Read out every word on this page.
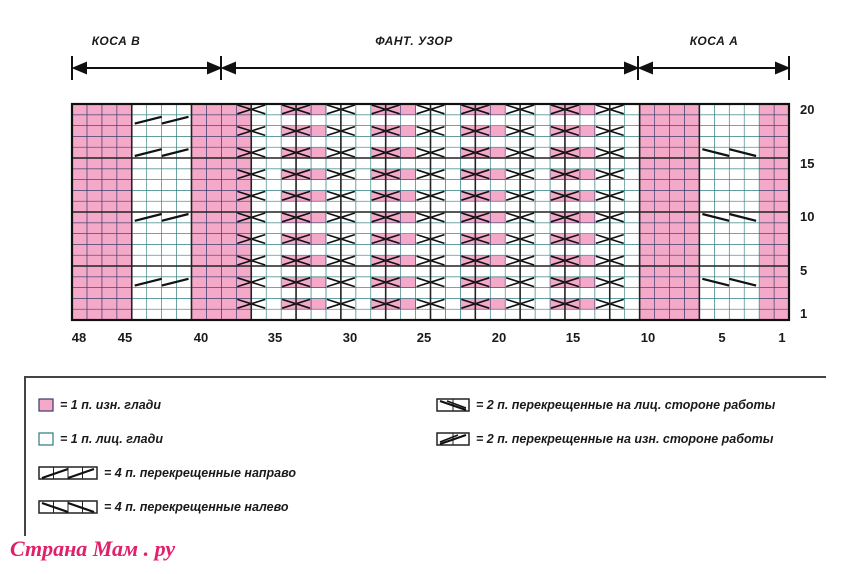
КОСА В	ФАНТ. УЗОР	КОСА А
20
15
10
5
1
48 45	40	35	30	25	20	15	10	5	1
= 1 п. изн. глади
= 1 п. лиц. глади
= 4 п. перекрещенные направо
= 4 п. перекрещенные налево
= 2 п. перекрещенные на лиц. стороне работы
= 2 п. перекрещенные на изн. стороне работы
Страна Мам . ру
